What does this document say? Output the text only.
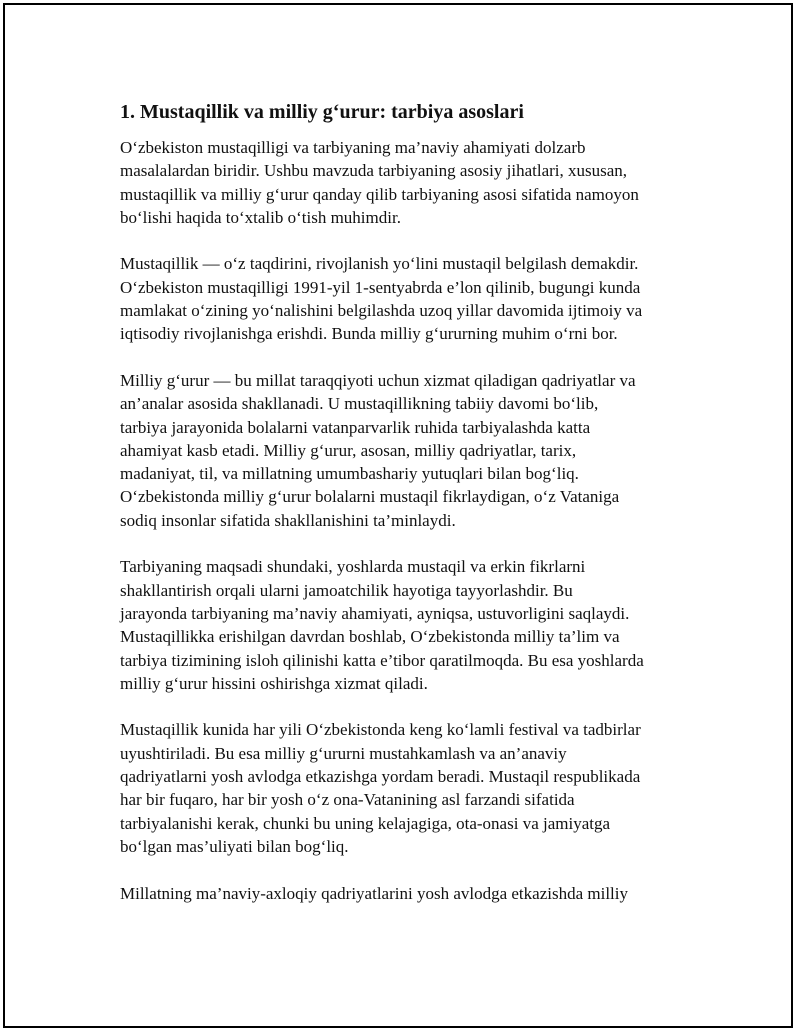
1. Mustaqillik va milliy g‘urur: tarbiya asoslari

O‘zbekiston mustaqilligi va tarbiyaning ma’naviy ahamiyati dolzarb
masalalardan biridir. Ushbu mavzuda tarbiyaning asosiy jihatlari, xususan,
mustaqillik va milliy g‘urur qanday qilib tarbiyaning asosi sifatida namoyon
bo‘lishi haqida to‘xtalib o‘tish muhimdir.

Mustaqillik — o‘z taqdirini, rivojlanish yo‘lini mustaqil belgilash demakdir.
O‘zbekiston mustaqilligi 1991-yil 1-sentyabrda e’lon qilinib, bugungi kunda
mamlakat o‘zining yo‘nalishini belgilashda uzoq yillar davomida ijtimoiy va
iqtisodiy rivojlanishga erishdi. Bunda milliy g‘ururning muhim o‘rni bor.

Milliy g‘urur — bu millat taraqqiyoti uchun xizmat qiladigan qadriyatlar va
an’analar asosida shakllanadi. U mustaqillikning tabiiy davomi bo‘lib,
tarbiya jarayonida bolalarni vatanparvarlik ruhida tarbiyalashda katta
ahamiyat kasb etadi. Milliy g‘urur, asosan, milliy qadriyatlar, tarix,
madaniyat, til, va millatning umumbashariy yutuqlari bilan bog‘liq.
O‘zbekistonda milliy g‘urur bolalarni mustaqil fikrlaydigan, o‘z Vataniga
sodiq insonlar sifatida shakllanishini ta’minlaydi.

Tarbiyaning maqsadi shundaki, yoshlarda mustaqil va erkin fikrlarni
shakllantirish orqali ularni jamoatchilik hayotiga tayyorlashdir. Bu
jarayonda tarbiyaning ma’naviy ahamiyati, ayniqsa, ustuvorligini saqlaydi.
Mustaqillikka erishilgan davrdan boshlab, O‘zbekistonda milliy ta’lim va
tarbiya tizimining isloh qilinishi katta e’tibor qaratilmoqda. Bu esa yoshlarda
milliy g‘urur hissini oshirishga xizmat qiladi.

Mustaqillik kunida har yili O‘zbekistonda keng ko‘lamli festival va tadbirlar
uyushtiriladi. Bu esa milliy g‘ururni mustahkamlash va an’anaviy
qadriyatlarni yosh avlodga etkazishga yordam beradi. Mustaqil respublikada
har bir fuqaro, har bir yosh o‘z ona-Vatanining asl farzandi sifatida
tarbiyalanishi kerak, chunki bu uning kelajagiga, ota-onasi va jamiyatga
bo‘lgan mas’uliyati bilan bog‘liq.

Millatning ma’naviy-axloqiy qadriyatlarini yosh avlodga etkazishda milliy
